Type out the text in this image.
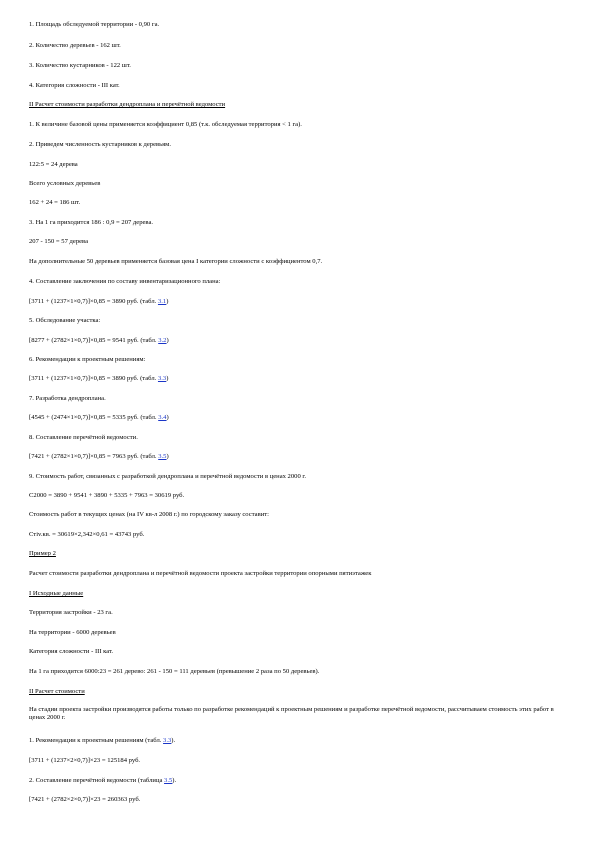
1. Площадь обследуемой территории - 0,90 га.
2. Количество деревьев - 162 шт.
3. Количество кустарников - 122 шт.
4. Категория сложности - III кат.
II Расчет стоимости разработки дендроплана и перечётной ведомости
1. К величине базовой цены применяется коэффициент 0,85 (т.к. обследуемая территория < 1 га).
2. Приведем численность кустарников к деревьям.
122:5 = 24 дерева
Всего условных деревьев
162 + 24 = 186 шт.
3. На 1 га приходится 186 : 0,9 = 207 дерева.
207 - 150 = 57 дерева
На дополнительные 50 деревьев применяется базовая цена I категории сложности с коэффициентом 0,7.
4. Составление заключения по составу инвентаризационного плана:
[3711 + (1237×1×0,7)]×0,85 = 3890 руб. (табл. 3.1)
5. Обследование участка:
[8277 + (2782×1×0,7)]×0,85 = 9541 руб. (табл. 3.2)
6. Рекомендации к проектным решениям:
[3711 + (1237×1×0,7)]×0,85 = 3890 руб. (табл. 3.3)
7. Разработка дендроплана.
[4545 + (2474×1×0,7)]×0,85 = 5335 руб. (табл. 3.4)
8. Составление перечётной ведомости.
[7421 + (2782×1×0,7)]×0,85 = 7963 руб. (табл. 3.5)
9. Стоимость работ, связанных с разработкой дендроплана и перечётной ведомости в ценах 2000 г.
С2000 = 3890 + 9541 + 3890 + 5335 + 7963 = 30619 руб.
Стоимость работ в текущих ценах (на IV кв-л 2008 г.) по городскому заказу составит:
Стiv.кв. = 30619×2,342×0,61 = 43743 руб.
Пример 2
Расчет стоимости разработки дендроплана и перечётной ведомости проекта застройки территории опорными пятиэтажек
I Исходные данные
Территория застройки - 23 га.
На территории - 6000 деревьев
Категория сложности - III кат.
На 1 га приходится 6000:23 = 261 дерево: 261 - 150 = 111 деревьев (превышение 2 раза по 50 деревьев).
II Расчет стоимости
На стадии проекта застройки производятся работы только по разработке рекомендаций к проектным решениям и разработке перечётной ведомости, рассчитываем стоимость этих работ в ценах 2000 г.
1. Рекомендации к проектным решениям (табл. 3.3).
[3711 + (1237×2×0,7)]×23 = 125184 руб.
2. Составление перечётной ведомости (таблица 3.5).
[7421 + (2782×2×0,7)]×23 = 260363 руб.
